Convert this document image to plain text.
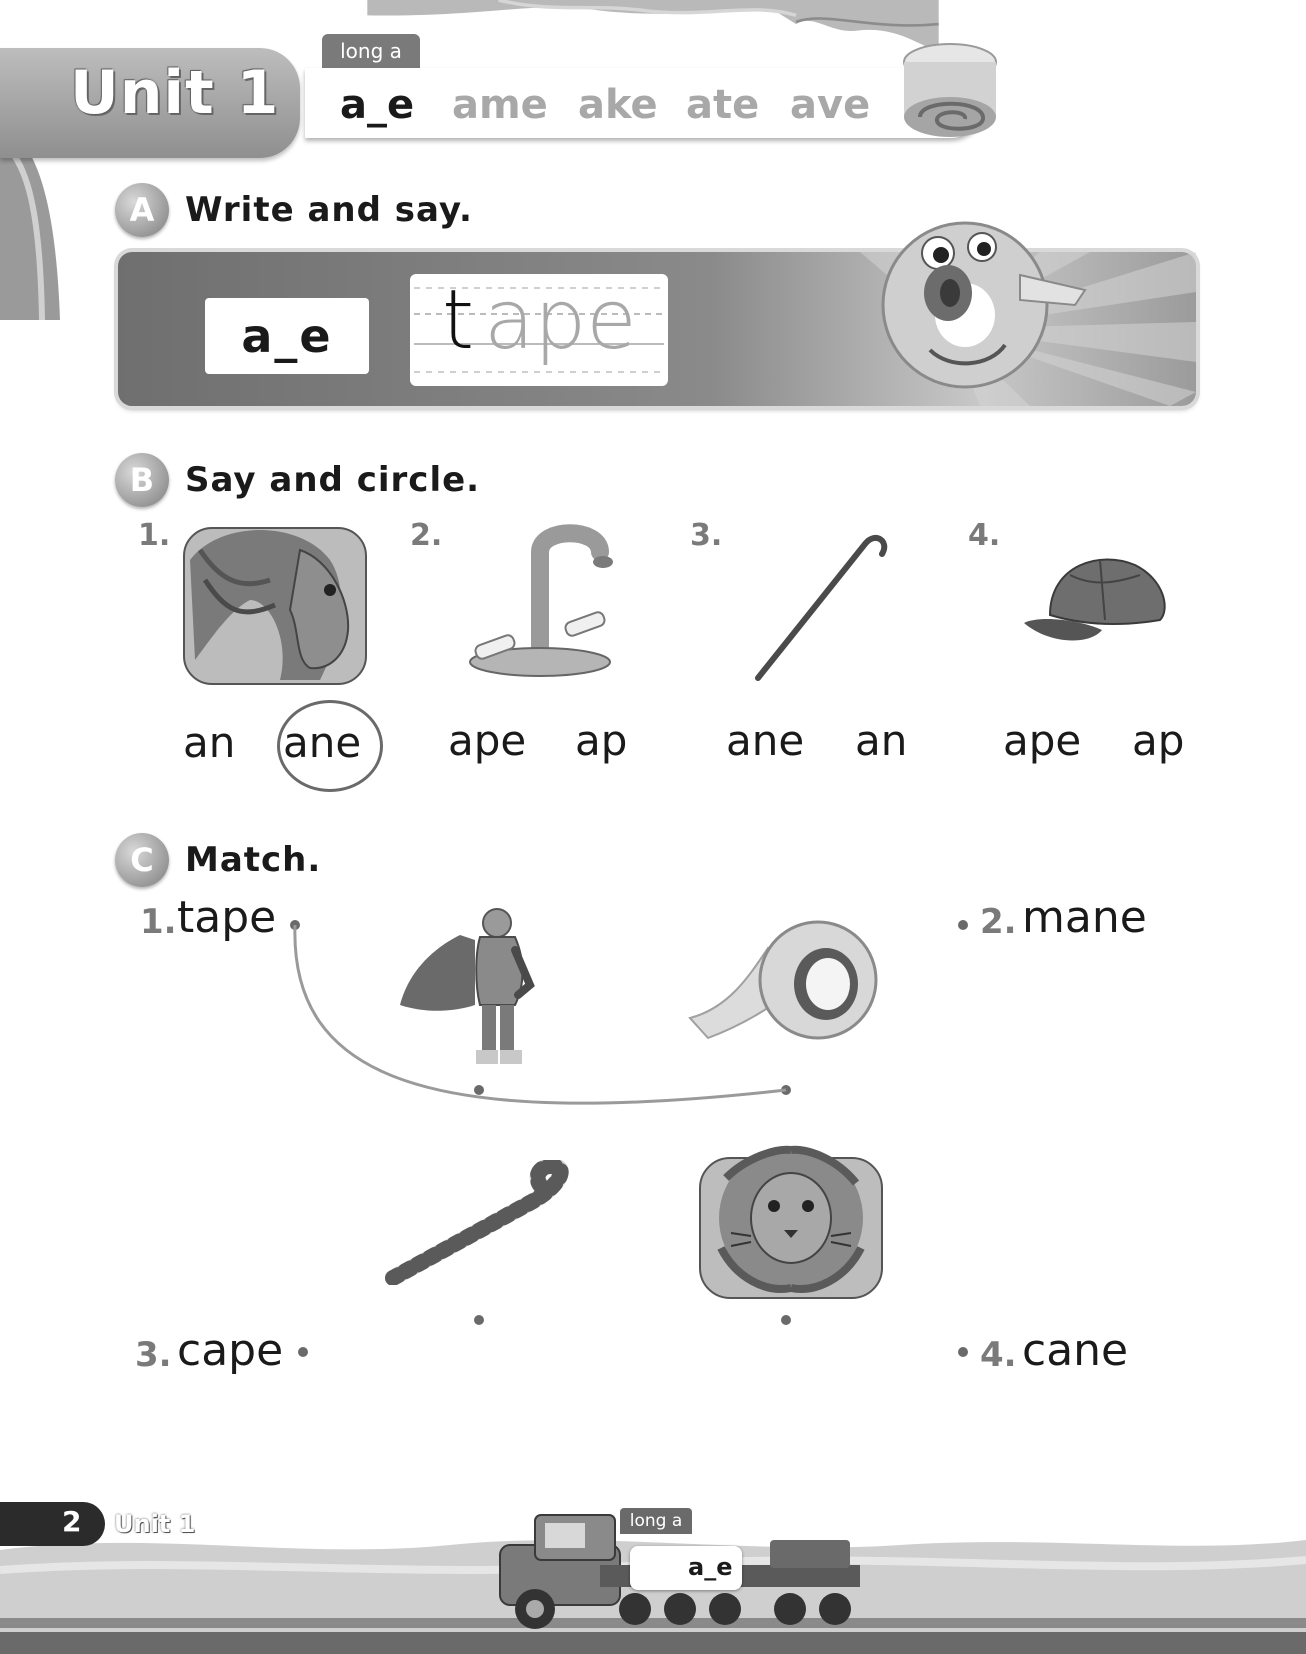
Unit 1
long a
a_e ame ake ate ave
A Write and say.
a_e	t ape
B Say and circle.
1.	2.	3.	4.
an ane ape ap ane an ape ap
C Match.
1. tape	2. mane
3. cape	4. cane
2 Unit 1	long a
a_e
